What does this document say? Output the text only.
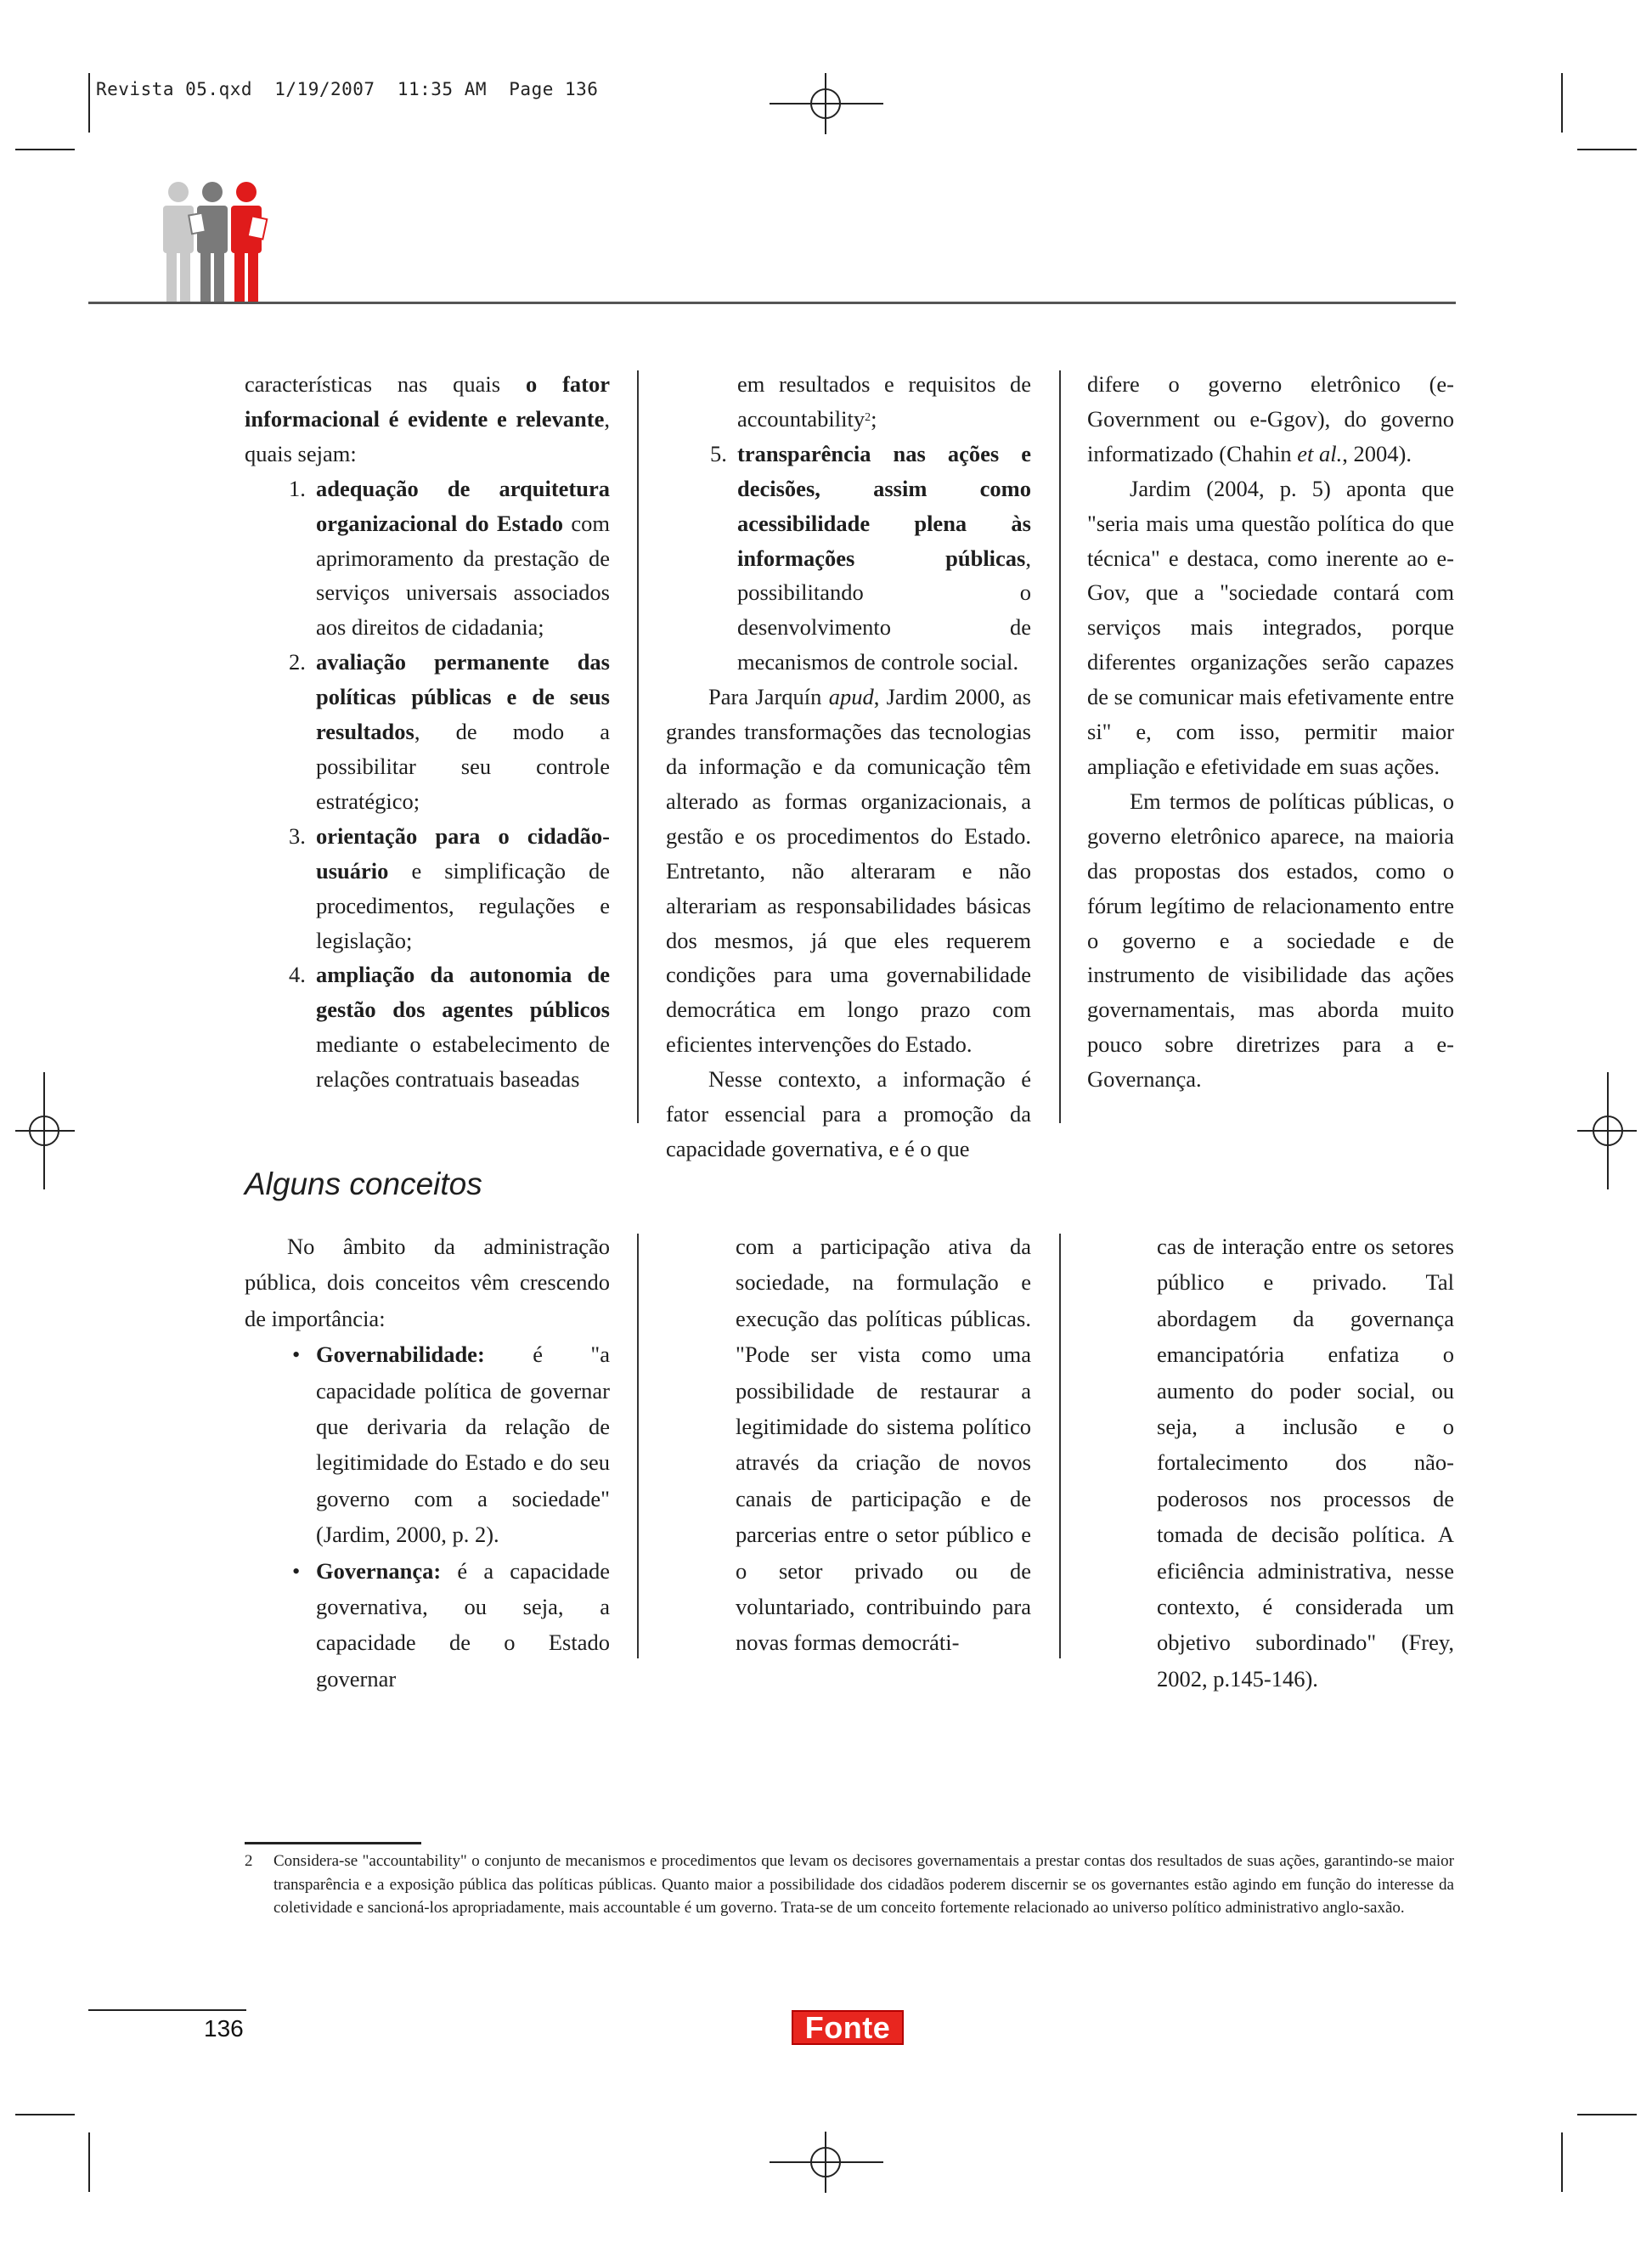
Revista 05.qxd  1/19/2007  11:35 AM  Page 136

características nas quais o fator informacional é evidente e relevante, quais sejam:

1. adequação de arquitetura organizacional do Estado com aprimoramento da prestação de serviços universais associados aos direitos de cidadania;

2. avaliação permanente das políticas públicas e de seus resultados, de modo a possibilitar seu controle estratégico;

3. orientação para o cidadão-usuário e simplificação de procedimentos, regulações e legislação;

4. ampliação da autonomia de gestão dos agentes públicos mediante o estabelecimento de relações contratuais baseadas

em resultados e requisitos de accountability$^2$;

5. transparência nas ações e decisões, assim como acessibilidade plena às informações públicas, possibilitando o desenvolvimento de mecanismos de controle social.

Para Jarquín apud, Jardim 2000, as grandes transformações das tecnologias da informação e da comunicação têm alterado as formas organizacionais, a gestão e os procedimentos do Estado. Entretanto, não alteraram e não alterariam as responsabilidades básicas dos mesmos, já que eles requerem condições para uma governabilidade democrática em longo prazo com eficientes intervenções do Estado.

Nesse contexto, a informação é fator essencial para a promoção da capacidade governativa, e é o que

difere o governo eletrônico (e-Government ou e-Ggov), do governo informatizado (Chahin et al., 2004).

Jardim (2004, p. 5) aponta que "seria mais uma questão política do que técnica" e destaca, como inerente ao e-Gov, que a "sociedade contará com serviços mais integrados, porque diferentes organizações serão capazes de se comunicar mais efetivamente entre si" e, com isso, permitir maior ampliação e efetividade em suas ações.

Em termos de políticas públicas, o governo eletrônico aparece, na maioria das propostas dos estados, como o fórum legítimo de relacionamento entre o governo e a sociedade e de instrumento de visibilidade das ações governamentais, mas aborda muito pouco sobre diretrizes para a e-Governança.

Alguns conceitos

No âmbito da administração pública, dois conceitos vêm crescendo de importância:

• Governabilidade: é "a capacidade política de governar que derivaria da relação de legitimidade do Estado e do seu governo com a sociedade" (Jardim, 2000, p. 2).

• Governança: é a capacidade governativa, ou seja, a capacidade de o Estado governar

com a participação ativa da sociedade, na formulação e execução das políticas públicas. "Pode ser vista como uma possibilidade de restaurar a legitimidade do sistema político através da criação de novos canais de participação e de parcerias entre o setor público e o setor privado ou de voluntariado, contribuindo para novas formas democráti-

cas de interação entre os setores público e privado. Tal abordagem da governança emancipatória enfatiza o aumento do poder social, ou seja, a inclusão e o fortalecimento dos não-poderosos nos processos de tomada de decisão política. A eficiência administrativa, nesse contexto, é considerada um objetivo subordinado" (Frey, 2002, p.145-146).

2	Considera-se "accountability" o conjunto de mecanismos e procedimentos que levam os decisores governamentais a prestar contas dos resultados de suas ações, garantindo-se maior transparência e a exposição pública das políticas públicas. Quanto maior a possibilidade dos cidadãos poderem discernir se os governantes estão agindo em função do interesse da coletividade e sancioná-los apropriadamente, mais accountable é um governo. Trata-se de um conceito fortemente relacionado ao universo político administrativo anglo-saxão.
136	Fonte
